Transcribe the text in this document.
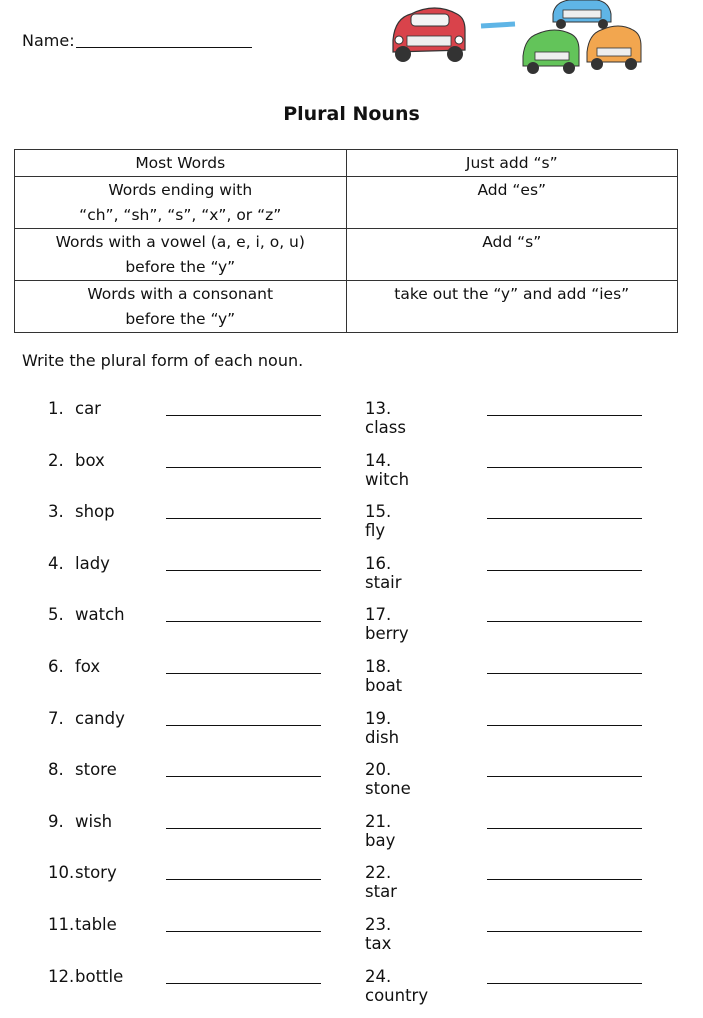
Name:
Plural Nouns
Most Words	Just add “s”
Words ending with
“ch”, “sh”, “s”, “x”, or “z”	Add “es”
Words with a vowel (a, e, i, o, u)
before the “y”	Add “s”
Words with a consonant
before the “y”	take out the “y” and add “ies”
Write the plural form of each noun.
1. car
2. box
3. shop
4. lady
5. watch
6. fox
7. candy
8. store
9. wish
10. story
11. table
12. bottle
13. class
14. witch
15. fly
16. stair
17. berry
18. boat
19. dish
20. stone
21. bay
22. star
23. tax
24. country
